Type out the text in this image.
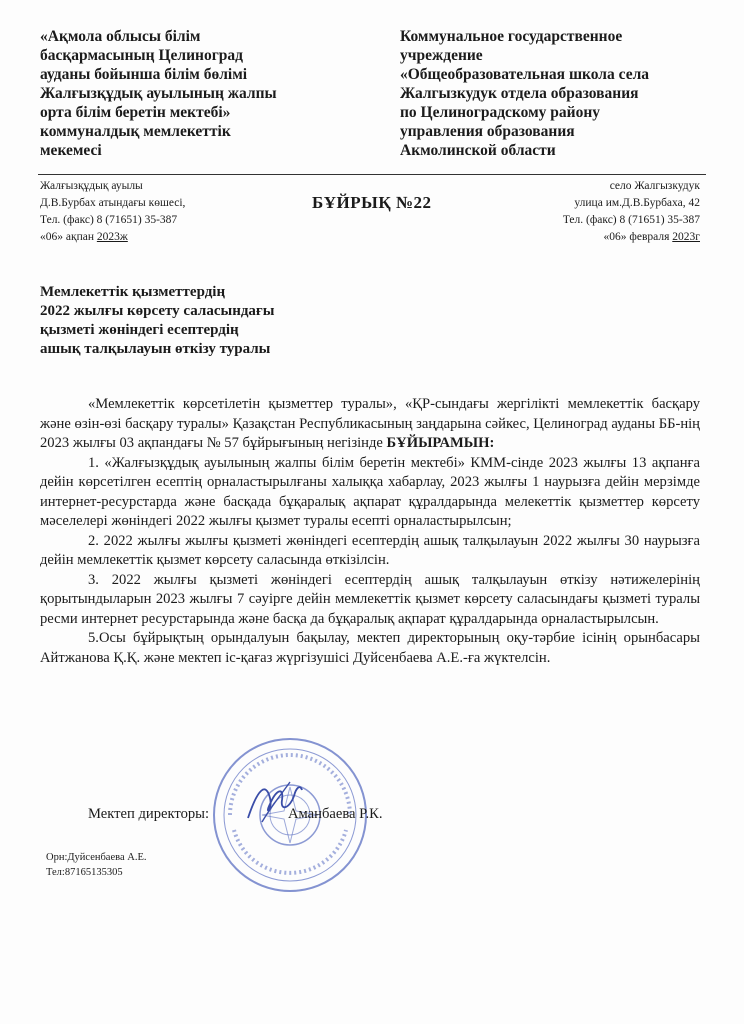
«Ақмола облысы білім
басқармасының Целиноград
ауданы бойынша білім бөлімі
Жалғызқұдық ауылының жалпы
орта білім беретін мектебі»
коммуналдық мемлекеттік
мекемесі
Коммунальное государственное
учреждение
«Общеобразовательная школа села
Жалгызкудук отдела образования
по Целиноградскому району
управления образования
Акмолинской области
Жалғызқұдық ауылы
Д.В.Бурбах атындағы көшесі,
Тел. (факс) 8 (71651) 35-387
«06» ақпан 2023ж
село Жалгызкудук
улица им.Д.В.Бурбаха, 42
Тел. (факс) 8 (71651) 35-387
«06» февраля 2023г
БҰЙРЫҚ №22
Мемлекеттік қызметтердің
2022 жылғы көрсету саласындағы
қызметі жөніндегі есептердің
ашық талқылауын өткізу туралы

«Мемлекеттік көрсетілетін қызметтер туралы», «ҚР-сындағы жергілікті мемлекеттік басқару және өзін-өзі басқару туралы» Қазақстан Республикасының заңдарына сәйкес, Целиноград ауданы ББ-нің 2023 жылғы 03 ақпандағы № 57 бұйрығының негізінде БҰЙЫРАМЫН:

1. «Жалғызқұдық ауылының жалпы білім беретін мектебі» КММ-сінде 2023 жылғы 13 ақпанға дейін көрсетілген есептің орналастырылғаны халыққа хабарлау, 2023 жылғы 1 наурызға дейін мерзімде интернет-ресурстарда және басқада бұқаралық ақпарат құралдарында мелекеттік қызметтер көрсету мәселелері жөніндегі 2022 жылғы қызмет туралы есепті орналастырылсын;

2. 2022 жылғы жылғы қызметі жөніндегі есептердің ашық талқылауын 2022 жылғы 30 наурызға дейін мемлекеттік қызмет көрсету саласында өткізілсін.

3. 2022 жылғы қызметі жөніндегі есептердің ашық талқылауын өткізу нәтижелерінің қорытындыларын 2023 жылғы 7 сәуірге дейін мемлекеттік қызмет көрсету саласындағы қызметі туралы ресми интернет ресурстарында және басқа да бұқаралық ақпарат құралдарында орналастырылсын.

5.Осы бұйрықтың орындалуын бақылау, мектеп директорының оқу-тәрбие ісінің орынбасары Айтжанова Қ.Қ. және мектеп іс-қағаз жүргізушісі Дуйсенбаева А.Е.-ға жүктелсін.

Мектеп директоры:	Аманбаева Р.К.
Орн:Дуйсенбаева А.Е.
Тел:87165135305
